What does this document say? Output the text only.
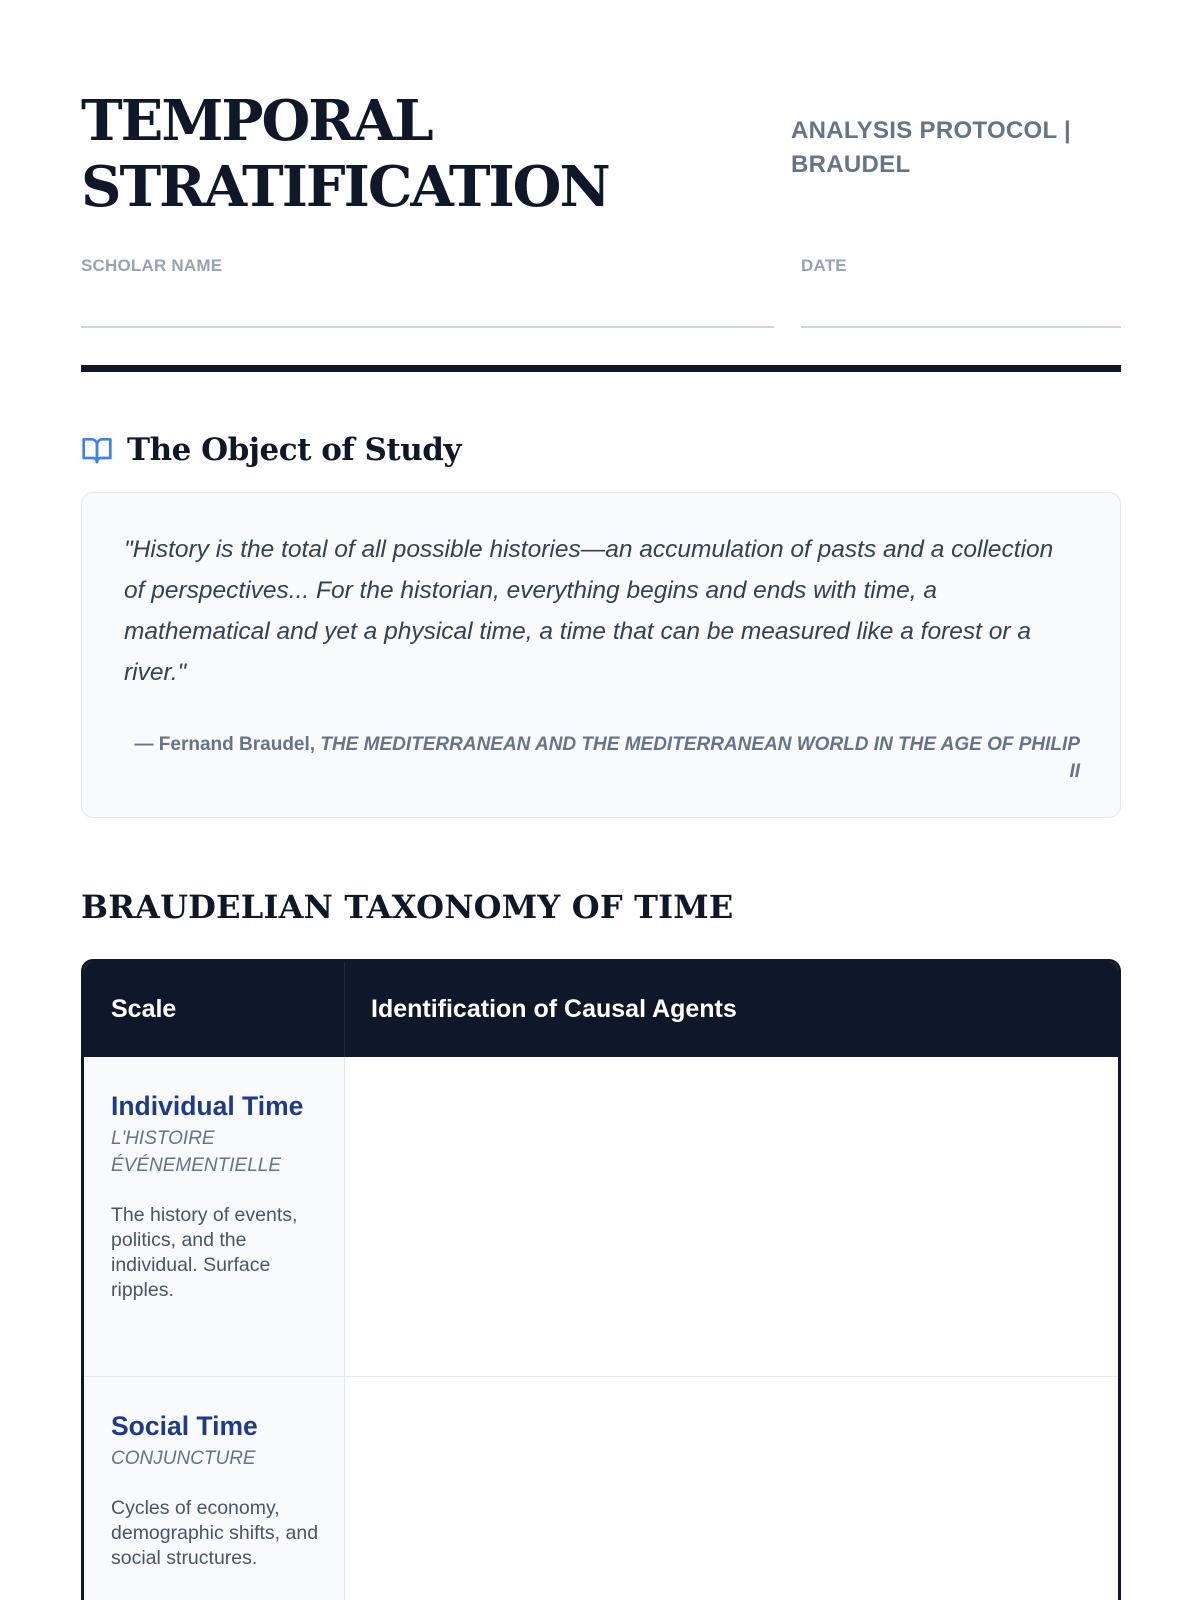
TEMPORAL
STRATIFICATION
ANALYSIS PROTOCOL | BRAUDEL
SCHOLAR NAME	DATE
The Object of Study

"History is the total of all possible histories—an accumulation of pasts and a collection of perspectives... For the historian, everything begins and ends with time, a mathematical and yet a physical time, a time that can be measured like a forest or a river."

— Fernand Braudel, THE MEDITERRANEAN AND THE MEDITERRANEAN WORLD IN THE AGE OF PHILIP II

BRAUDELIAN TAXONOMY OF TIME
Scale	Identification of Causal Agents
Individual Time
L'HISTOIRE ÉVÉNEMENTIELLE
The history of events, politics, and the individual. Surface ripples.
Social Time
CONJUNCTURE
Cycles of economy, demographic shifts, and social structures.
